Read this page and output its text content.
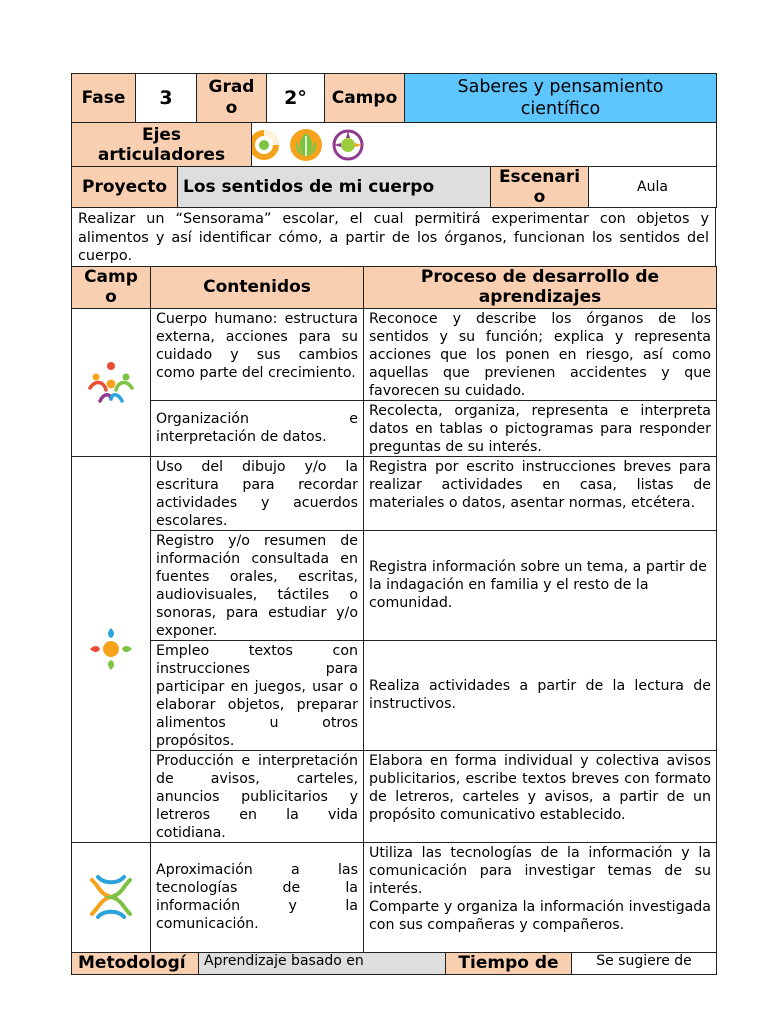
Fase	3	Grado	2°	Campo	Saberes y pensamiento científico
Ejes articuladores	
Proyecto	Los sentidos de mi cuerpo	Escenario	Aula
Realizar un “Sensorama” escolar, el cual permitirá experimentar con objetos y alimentos y así identificar cómo, a partir de los órganos, funcionan los sentidos del cuerpo.
Campo	Contenidos	Proceso de desarrollo de aprendizajes

	Cuerpo humano: estructura externa, acciones para su cuidado y sus cambios como parte del crecimiento.	Reconoce y describe los órganos de los sentidos y su función; explica y representa acciones que los ponen en riesgo, así como aquellas que previenen accidentes y que favorecen su cuidado.
	Organización e interpretación de datos.	Recolecta, organiza, representa e interpreta datos en tablas o pictogramas para responder preguntas de su interés.

	Uso del dibujo y/o la escritura para recordar actividades y acuerdos escolares.	Registra por escrito instrucciones breves para realizar actividades en casa, listas de materiales o datos, asentar normas, etcétera.
	Registro y/o resumen de información consultada en fuentes orales, escritas, audiovisuales, táctiles o sonoras, para estudiar y/o exponer.	Registra información sobre un tema, a partir de la indagación en familia y el resto de la comunidad.
	Empleo textos con instrucciones para participar en juegos, usar o elaborar objetos, preparar alimentos u otros propósitos.	Realiza actividades a partir de la lectura de instructivos.
	Producción e interpretación de avisos, carteles, anuncios publicitarios y letreros en la vida cotidiana.	Elabora en forma individual y colectiva avisos publicitarios, escribe textos breves con formato de letreros, carteles y avisos, a partir de un propósito comunicativo establecido.

	Aproximación a las tecnologías de la información y la comunicación.	Utiliza las tecnologías de la información y la comunicación para investigar temas de su interés.
Comparte y organiza la información investigada con sus compañeras y compañeros.
Metodologí	Aprendizaje basado en	Tiempo de	Se sugiere de
